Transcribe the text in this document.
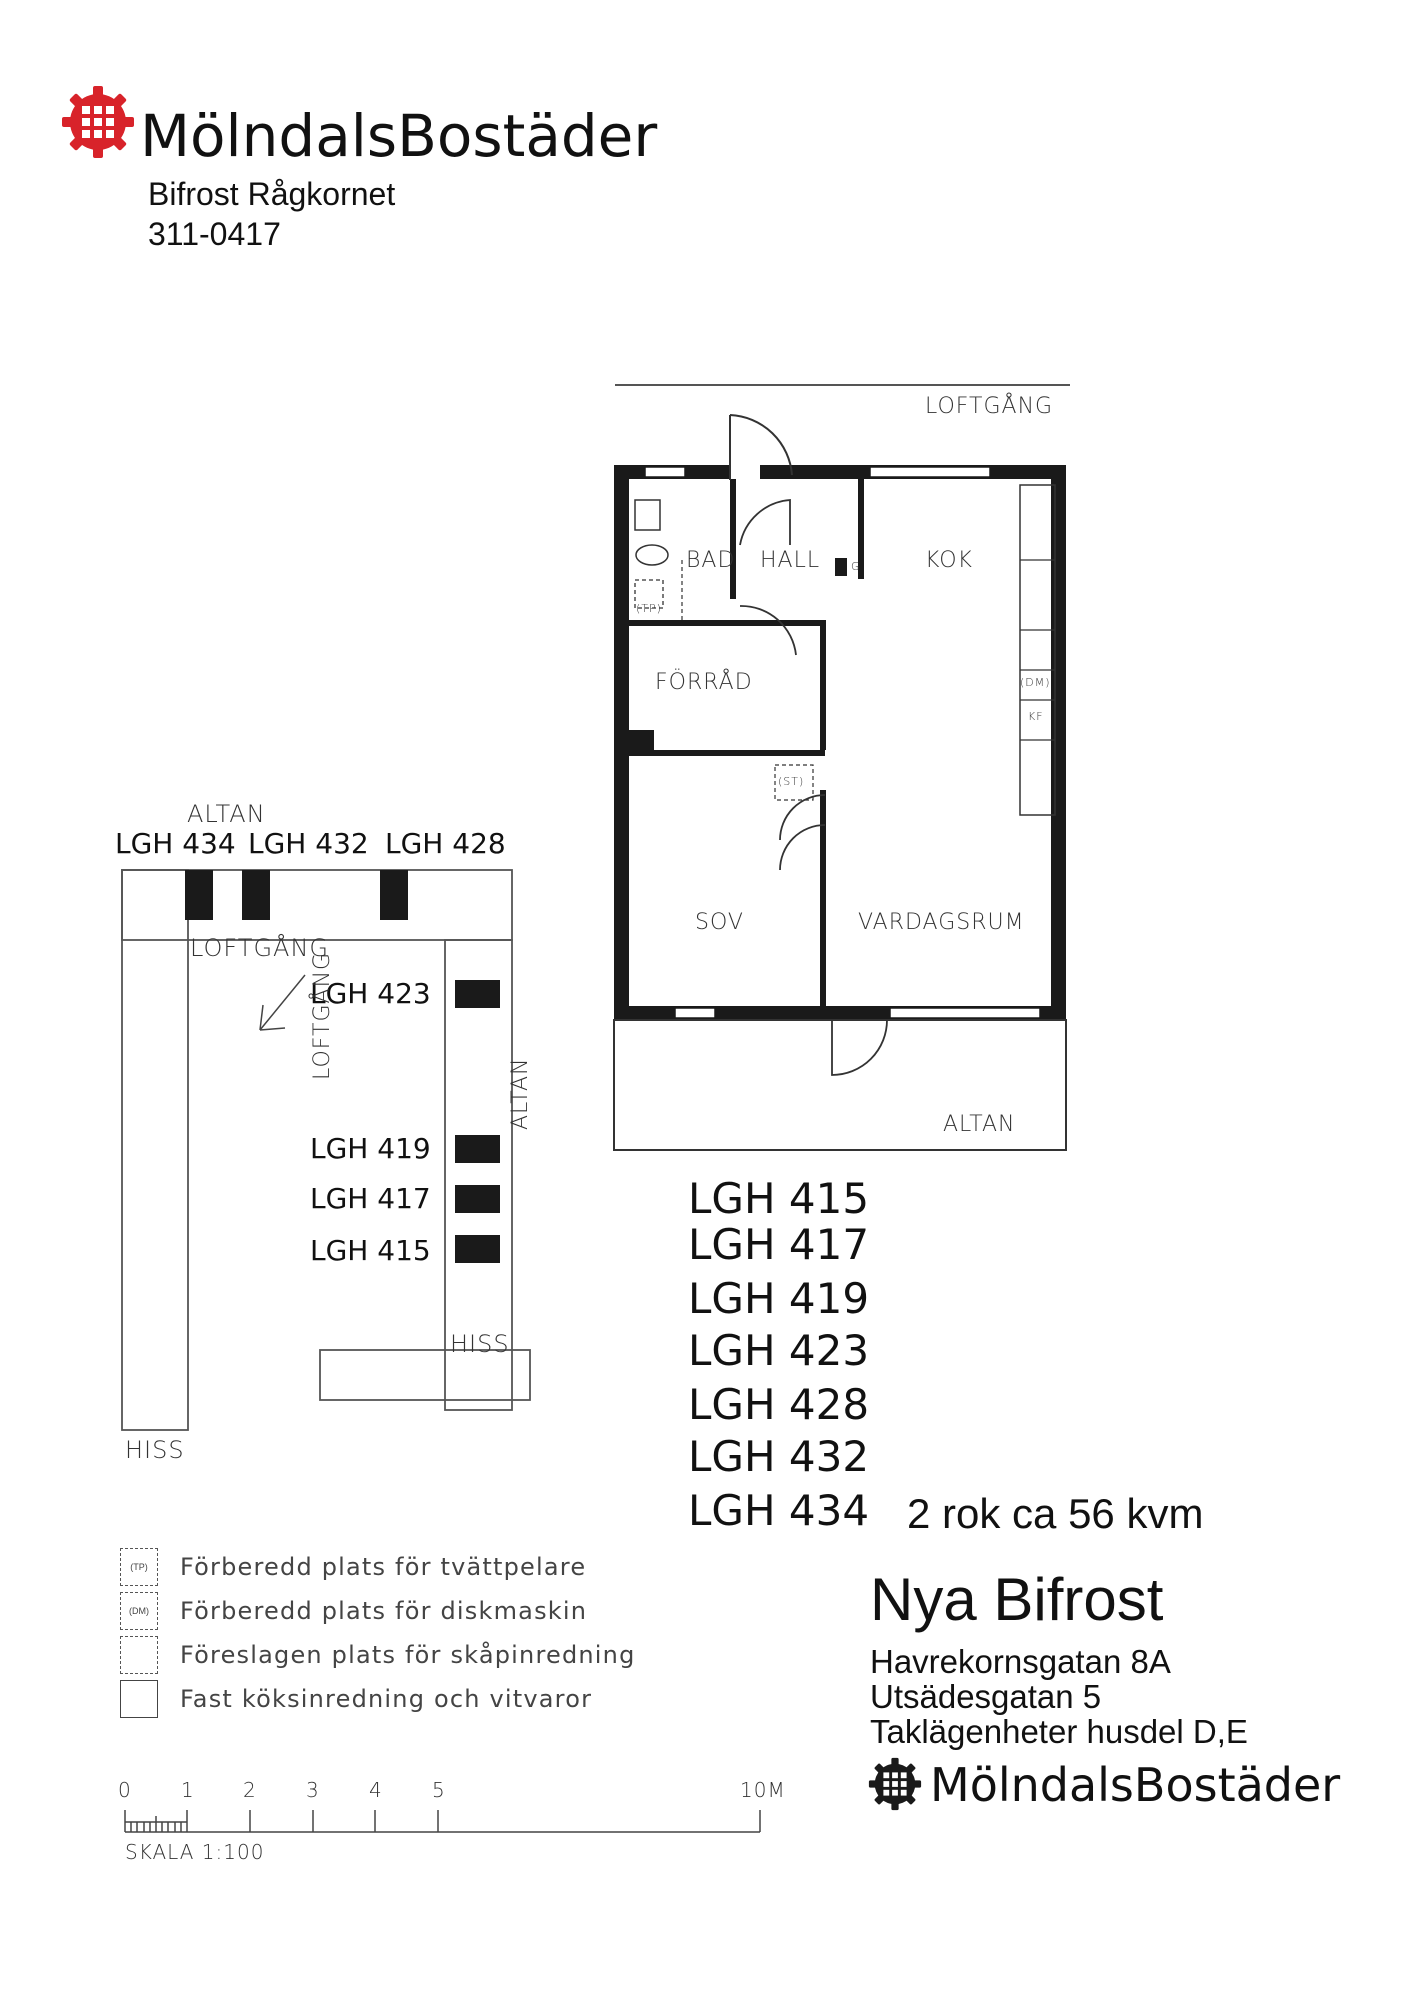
MölndalsBostäder
Bifrost Rågkornet
311-0417
LOFTGÅNG
BAD HALL	KOK
FÖRRÅD
SOV	VARDAGSRUM
ALTAN
(TP)
(ST)
(DM)
KF
G
ALTAN
LGH 434 LGH 432 LGH 428
LOFTGÅNG
LGH 423
LOFTGÅNG
ALTAN
LGH 419
LGH 417
LGH 415
HISS
HISS
LGH 415
LGH 417
LGH 419
LGH 423
LGH 428
LGH 432
LGH 434 2 rok ca 56 kvm
(TP) Förberedd plats för tvättpelare
(DM) Förberedd plats för diskmaskin
Föreslagen plats för skåpinredning
Fast köksinredning och vitvaror
0 1 2 3 4 5	10M
SKALA 1:100
Nya Bifrost
Havrekornsgatan 8A
Utsädesgatan 5
Taklägenheter husdel D,E
MölndalsBostäder
